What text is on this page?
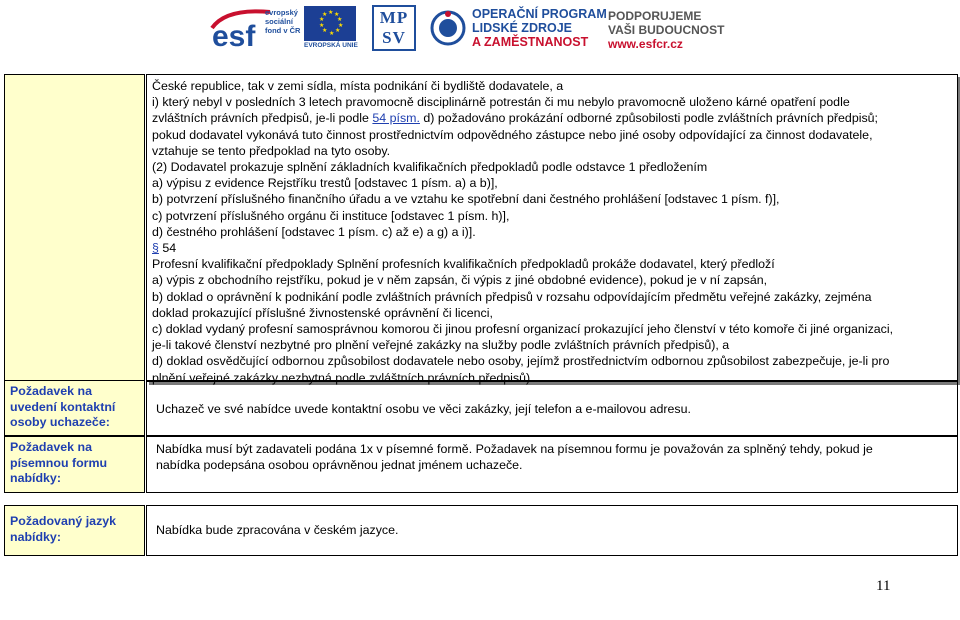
esf
evropský
sociální
fond v ČR
★ ★
★
★
★
★
★
★
★
★
EVROPSKÁ UNIE
MP
SV
OPERAČNÍ PROGRAM
LIDSKÉ ZDROJE
A ZAMĚSTNANOST
PODPORUJEME
VAŠI BUDOUCNOST
www.esfcr.cz

České republice, tak v zemi sídla, místa podnikání či bydliště dodavatele, a

i) který nebyl v posledních 3 letech pravomocně disciplinárně potrestán či mu nebylo pravomocně uloženo kárné opatření podle

zvláštních právních předpisů, je-li podle 54 písm. d) požadováno prokázání odborné způsobilosti podle zvláštních právních předpisů;

pokud dodavatel vykonává tuto činnost prostřednictvím odpovědného zástupce nebo jiné osoby odpovídající za činnost dodavatele,

vztahuje se tento předpoklad na tyto osoby.

(2) Dodavatel prokazuje splnění základních kvalifikačních předpokladů podle odstavce 1 předložením

a) výpisu z evidence Rejstříku trestů [odstavec 1 písm. a) a b)],

b) potvrzení příslušného finančního úřadu a ve vztahu ke spotřební dani čestného prohlášení [odstavec 1 písm. f)],

c) potvrzení příslušného orgánu či instituce [odstavec 1 písm. h)],

d) čestného prohlášení [odstavec 1 písm. c) až e) a g) a i)].

§ 54

Profesní kvalifikační předpoklady Splnění profesních kvalifikačních předpokladů prokáže dodavatel, který předloží

a) výpis z obchodního rejstříku, pokud je v něm zapsán, či výpis z jiné obdobné evidence), pokud je v ní zapsán,

b) doklad o oprávnění k podnikání podle zvláštních právních předpisů v rozsahu odpovídajícím předmětu veřejné zakázky, zejména

doklad prokazující příslušné živnostenské oprávnění či licenci,

c) doklad vydaný profesní samosprávnou komorou či jinou profesní organizací prokazující jeho členství v této komoře či jiné organizaci,

je-li takové členství nezbytné pro plnění veřejné zakázky na služby podle zvláštních právních předpisů), a

d) doklad osvědčující odbornou způsobilost dodavatele nebo osoby, jejímž prostřednictvím odbornou způsobilost zabezpečuje, je-li pro

plnění veřejné zakázky nezbytná podle zvláštních právních předpisů).

Požadavek na
uvedení kontaktní
osoby uchazeče:
Uchazeč ve své nabídce uvede kontaktní osobu ve věci zakázky, její telefon a e-mailovou adresu.
Požadavek na
písemnou formu
nabídky:
Nabídka musí být zadavateli podána 1x v písemné formě. Požadavek na písemnou formu je považován za splněný tehdy, pokud je
nabídka podepsána osobou oprávněnou jednat jménem uchazeče.
Požadovaný jazyk
nabídky:	Nabídka bude zpracována v českém jazyce.
11
